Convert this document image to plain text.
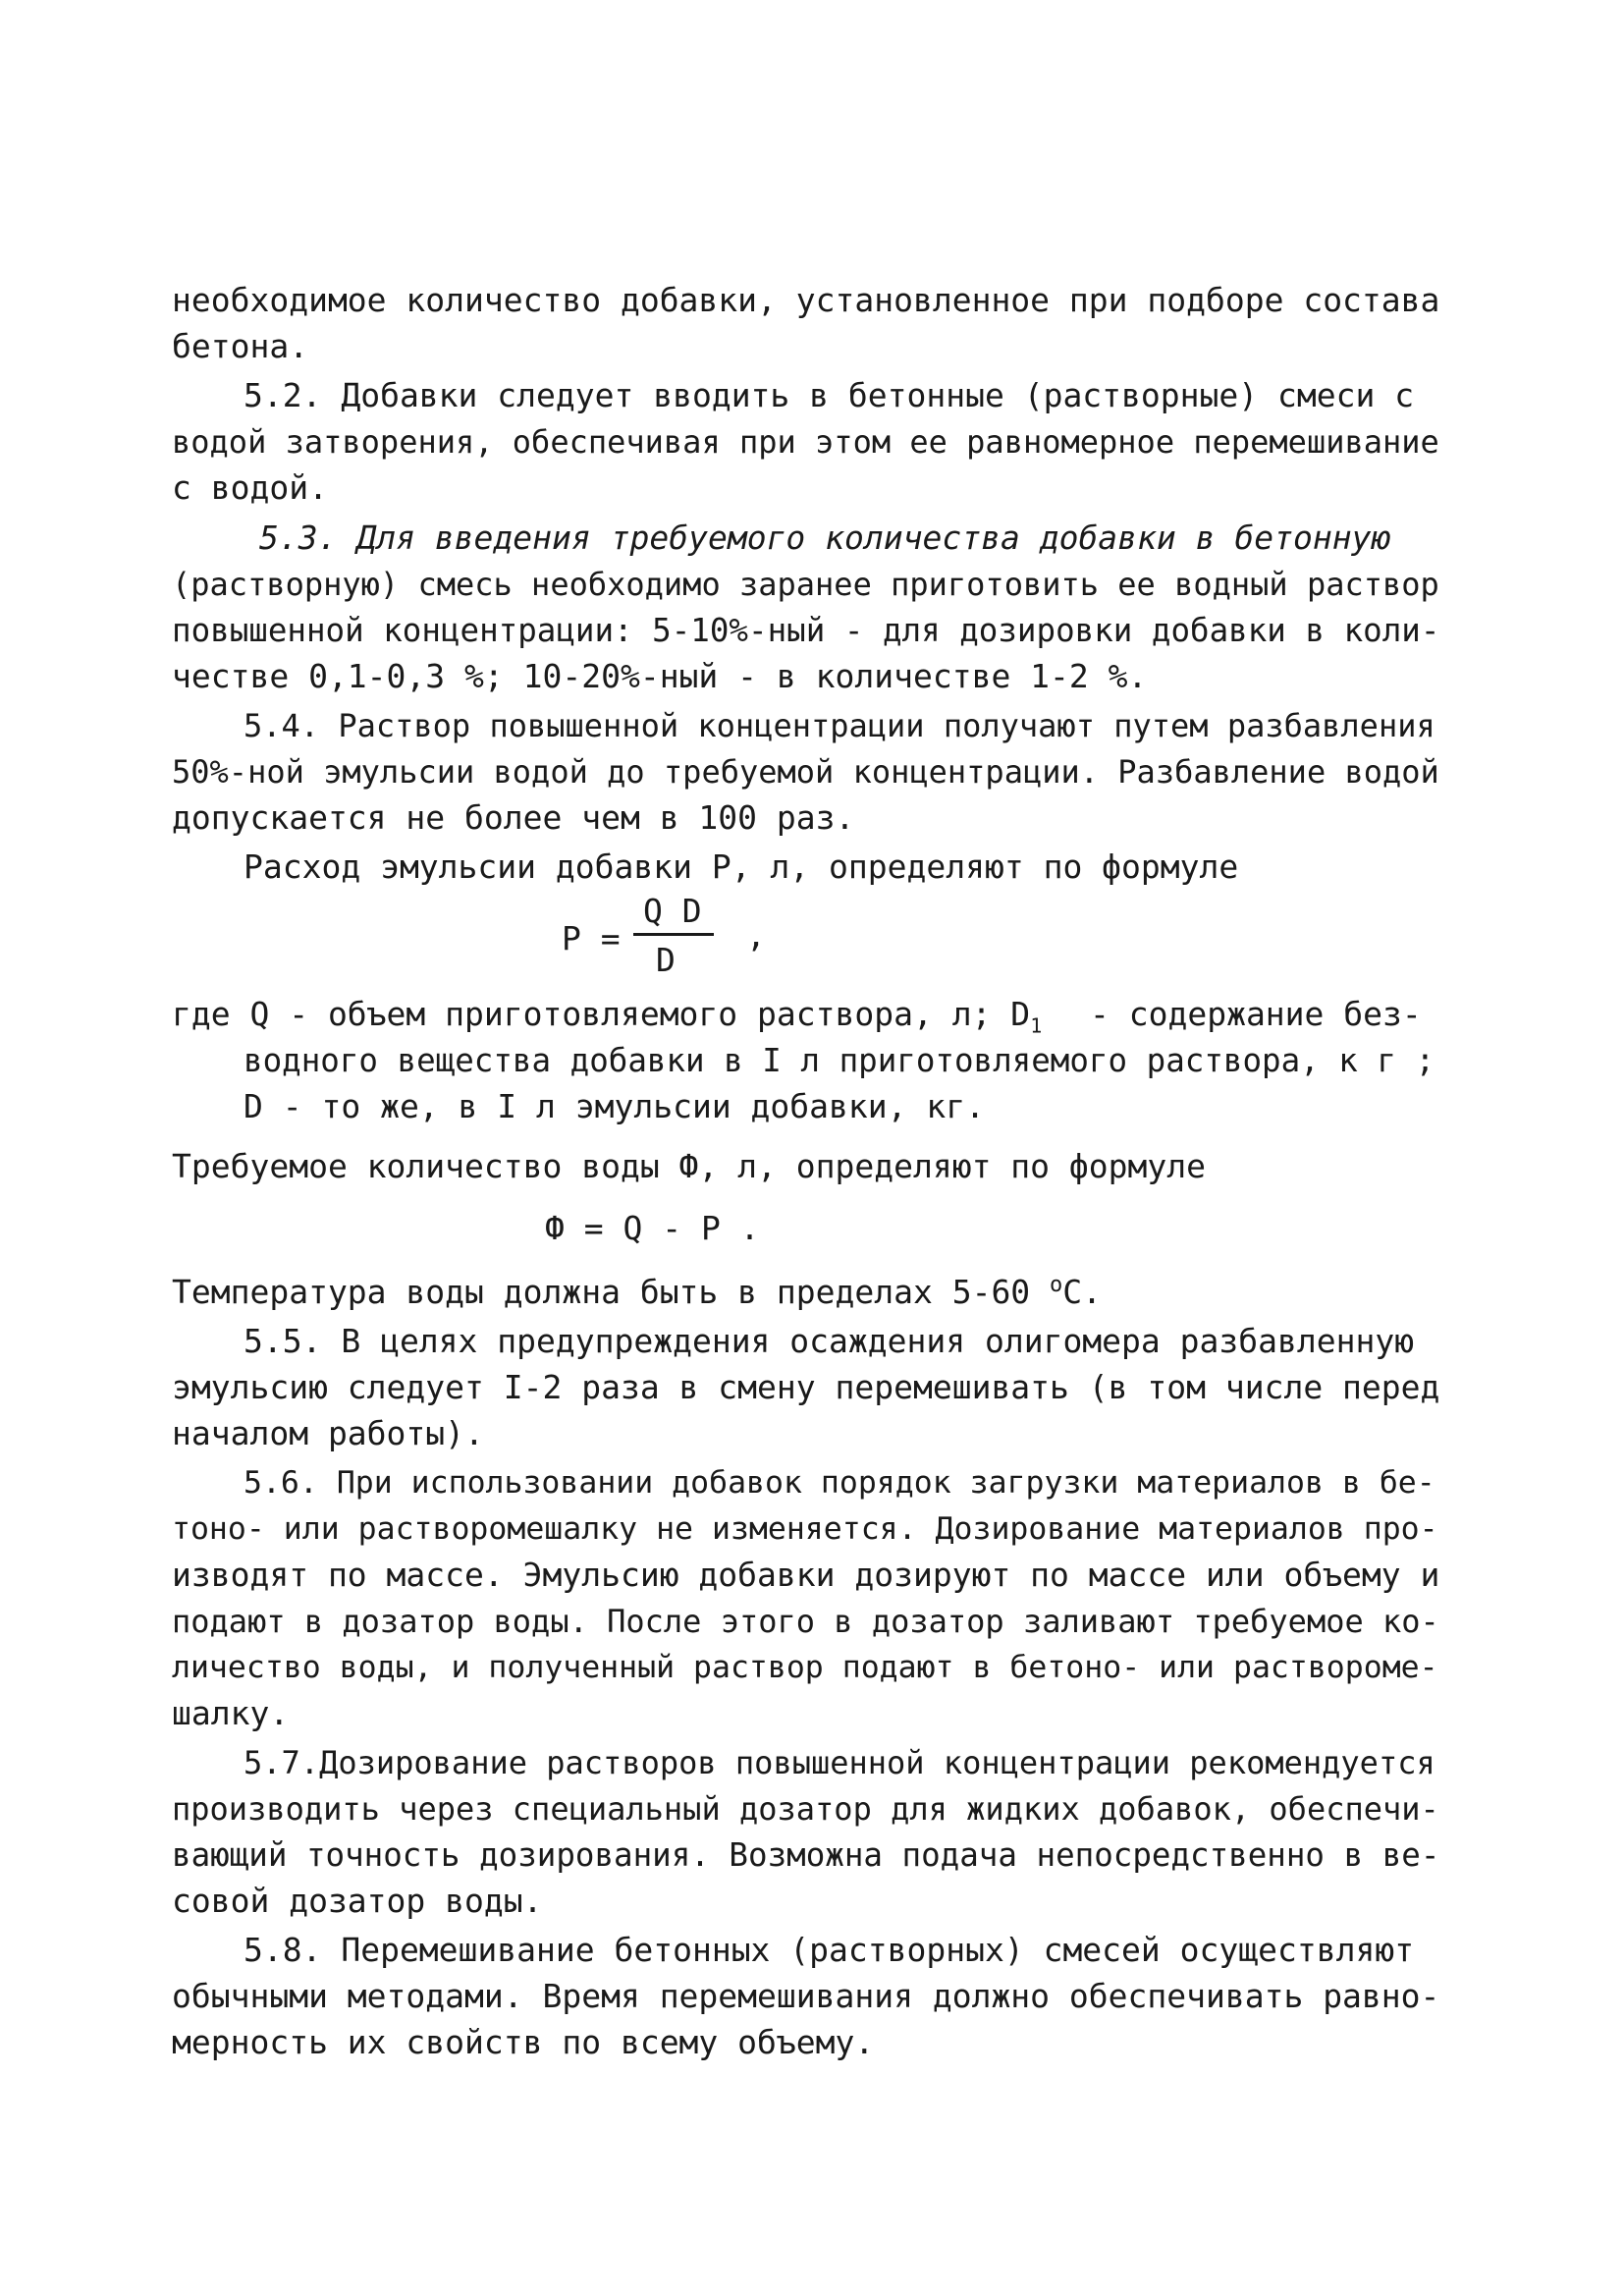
необходимое количество добавки, установленное при подборе состава
бетона.
5.2. Добавки следует вводить в бетонные (растворные) смеси с
водой затворения, обеспечивая при этом ее равномерное перемешивание
с водой.
5.3. Для введения требуемого количества добавки в бетонную
(растворную) смесь необходимо заранее приготовить ее водный раствор
повышенной концентрации: 5-10%-ный - для дозировки добавки в коли-
честве 0,1-0,3 %; 10-20%-ный - в количестве 1-2 %.
5.4. Раствор повышенной концентрации получают путем разбавления
50%-ной эмульсии водой до требуемой концентрации. Разбавление водой
допускается не более чем в 100 раз.
Расход эмульсии добавки P, л, определяют по формуле
P =
Q D
D
,
где Q - объем приготовляемого раствора, л; $D_1$ - содержание без-
водного вещества добавки в I л приготовляемого раствора, к г ;
D - то же, в I л эмульсии добавки, кг.
Требуемое количество воды Ф, л, определяют по формуле
Ф = Q - P .
Температура воды должна быть в пределах 5-60 $^о$С.
5.5. В целях предупреждения осаждения олигомера разбавленную
эмульсию следует I-2 раза в смену перемешивать (в том числе перед
началом работы).
5.6. При использовании добавок порядок загрузки материалов в бе-
тоно- или растворомешалку не изменяется. Дозирование материалов про-
изводят по массе. Эмульсию добавки дозируют по массе или объему и
подают в дозатор воды. После этого в дозатор заливают требуемое ко-
личество воды, и полученный раствор подают в бетоно- или растворомe-
шалку.
5.7.Дозирование растворов повышенной концентрации рекомендуется
производить через специальный дозатор для жидких добавок, обеспечи-
вающий точность дозирования. Возможна подача непосредственно в ве-
совой дозатор воды.
5.8. Перемешивание бетонных (растворных) смесей осуществляют
обычными методами. Время перемешивания должно обеспечивать равно-
мерность их свойств по всему объему.
